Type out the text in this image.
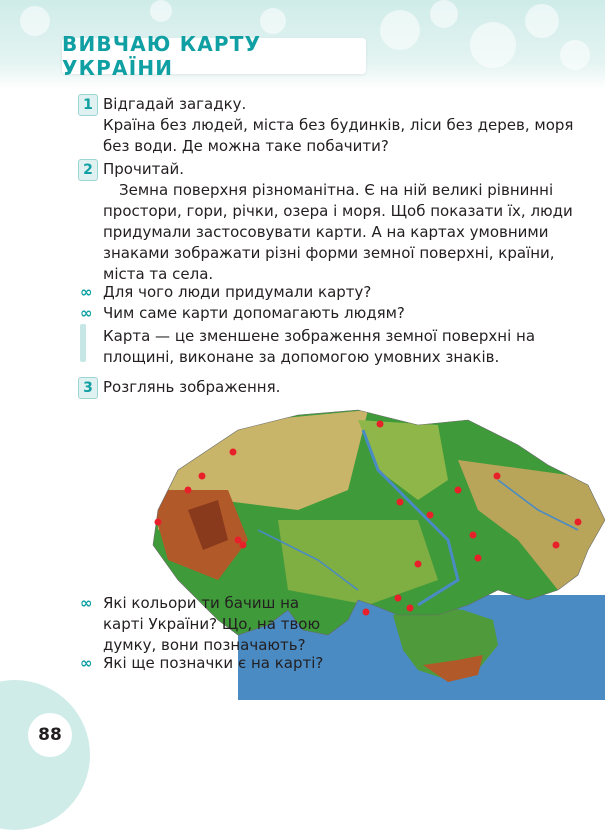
ВИВЧАЮ КАРТУ УКРАЇНИ
1 Відгадай загадку.
Країна без людей, міста без будинків, ліси без дерев, моря
без води. Де можна таке побачити?
2 Прочитай.
Земна поверхня різноманітна. Є на ній великі рівнинні
простори, гори, річки, озера і моря. Щоб показати їх, люди
придумали застосовувати карти. А на картах умовними
знаками зображати різні форми земної поверхні, країни,
міста та села.
∞ Для чого люди придумали карту?
∞ Чим саме карти допомагають людям?
Карта — це зменшене зображення земної поверхні на
площині, виконане за допомогою умовних знаків.
3 Розглянь зображення.
∞ Які кольори ти бачиш на
карті України? Що, на твою
думку, вони позначають?
∞ Які ще позначки є на карті?
88
